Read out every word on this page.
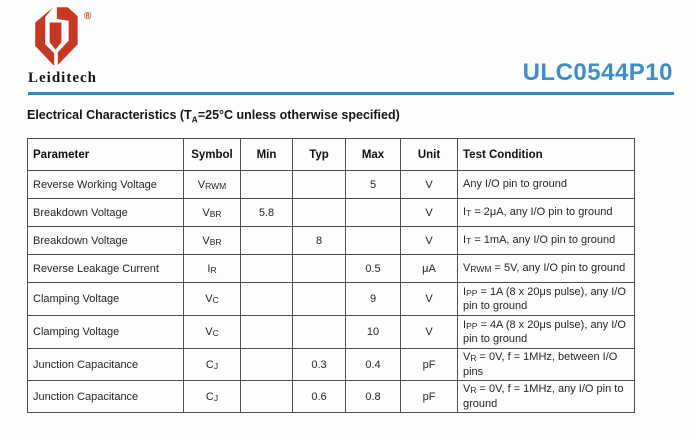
®
Leiditech	ULC0544P10
Electrical Characteristics ($T_A=25^\circ C$ unless otherwise specified)
Parameter	Symbol	Min	Typ	Max	Unit	Test Condition
Reverse Working Voltage	VRWM			5	V	Any I/O pin to ground
Breakdown Voltage	VBR	5.8			V	IT = 2μA, any I/O pin to ground
Breakdown Voltage	VBR		8		V	IT = 1mA, any I/O pin to ground
Reverse Leakage Current	IR			0.5	μA	VRWM = 5V, any I/O pin to ground
Clamping Voltage	VC			9	V	IPP = 1A (8 x 20μs pulse), any I/O pin to ground
Clamping Voltage	VC			10	V	IPP = 4A (8 x 20μs pulse), any I/O pin to ground
Junction Capacitance	CJ		0.3	0.4	pF	VR = 0V, f = 1MHz, between I/O pins
Junction Capacitance	CJ		0.6	0.8	pF	VR = 0V, f = 1MHz, any I/O pin to ground
